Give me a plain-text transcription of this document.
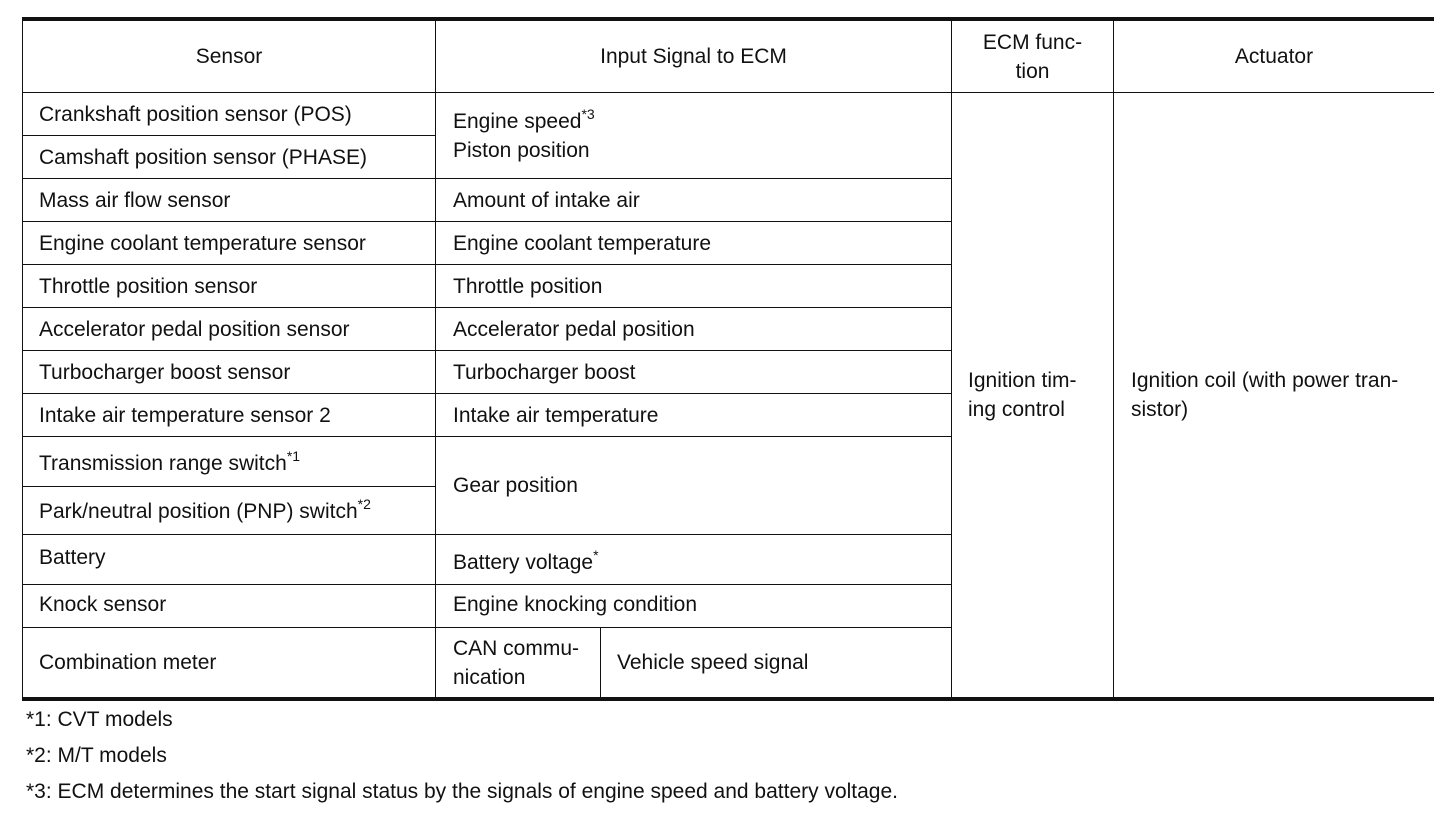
Sensor	Input Signal to ECM
ECM func-
tion
Actuator
Crankshaft position sensor (POS)
Camshaft position sensor (PHASE)
Mass air flow sensor
Engine coolant temperature sensor
Throttle position sensor
Accelerator pedal position sensor
Turbocharger boost sensor
Intake air temperature sensor 2
Transmission range switch$^{*1}$
Park/neutral position (PNP) switch$^{*2}$
Battery
Knock sensor
Combination meter
Engine speed$^{*3}$
Piston position
Amount of intake air
Engine coolant temperature
Throttle position
Accelerator pedal position
Turbocharger boost
Intake air temperature
Gear position
Battery voltage*
Engine knocking condition
CAN commu-
nication
Vehicle speed signal
Ignition tim-
ing control
Ignition coil (with power tran-
sistor)
*1: CVT models
*2: M/T models
*3: ECM determines the start signal status by the signals of engine speed and battery voltage.
